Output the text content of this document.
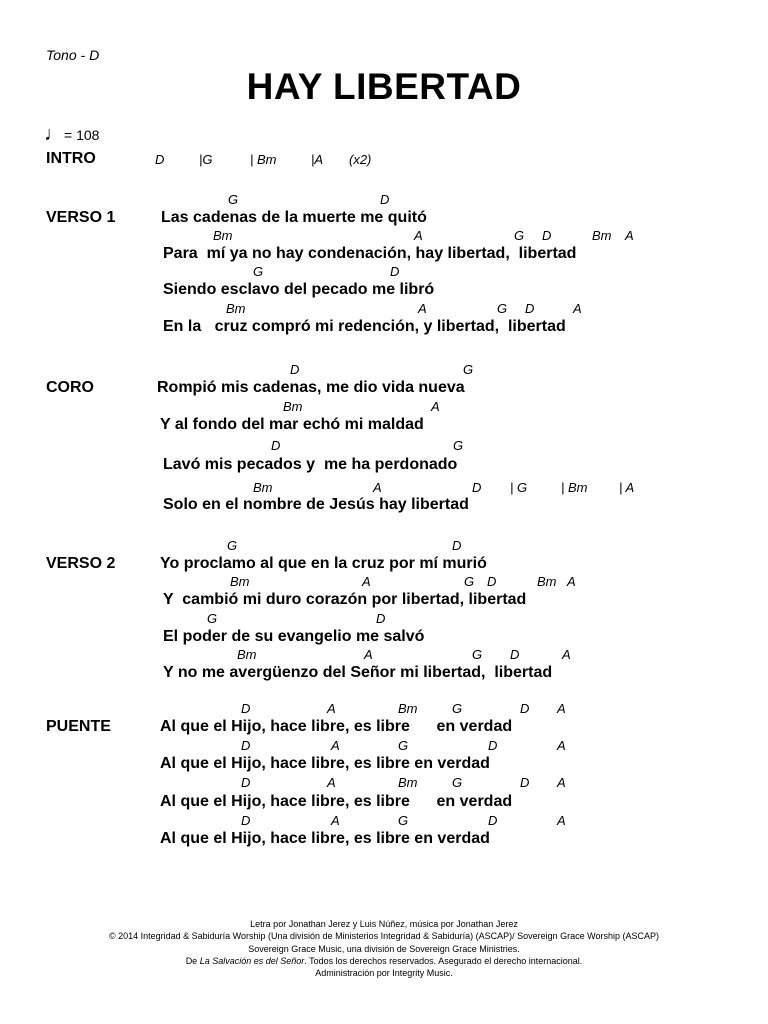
Tono - D
HAY LIBERTAD
♩= 108
INTRO	D	|G	| Bm	|A (x2)
VERSO 1
G	D
Las cadenas de la muerte me quitó
Bm	A	G D	Bm A
Para  mí ya no hay condenación, hay libertad,  libertad
G	D
Siendo esclavo del pecado me libró
Bm	A	G D	A
En la   cruz compró mi redención, y libertad,  libertad
CORO
D	G
Rompió mis cadenas, me dio vida nueva
Bm	A
Y al fondo del mar echó mi maldad
D	G
Lavó mis pecados y  me ha perdonado
Bm	A	D | G	| Bm | A
Solo en el nombre de Jesús hay libertad
VERSO 2
G	D
Yo proclamo al que en la cruz por mí murió
Bm	A	G D	Bm A
Y  cambió mi duro corazón por libertad, libertad
G	D
El poder de su evangelio me salvó
Bm	A	G D	A
Y no me avergüenzo del Señor mi libertad,  libertad
PUENTE
D	A	Bm	G	D A
Al que el Hijo, hace libre, es libre      en verdad
D	A	G	D	A
Al que el Hijo, hace libre, es libre en verdad
D	A	Bm	G	D A
Al que el Hijo, hace libre, es libre      en verdad
D	A	G	D	A
Al que el Hijo, hace libre, es libre en verdad
Letra por Jonathan Jerez y Luis Núñez, música por Jonathan Jerez
© 2014 Integridad & Sabiduría Worship (Una división de Ministerios Integridad & Sabiduría) (ASCAP)/ Sovereign Grace Worship (ASCAP)
Sovereign Grace Music, una división de Sovereign Grace Ministries.
De La Salvación es del Señor. Todos los derechos reservados. Asegurado el derecho internacional.
Administración por Integrity Music.
